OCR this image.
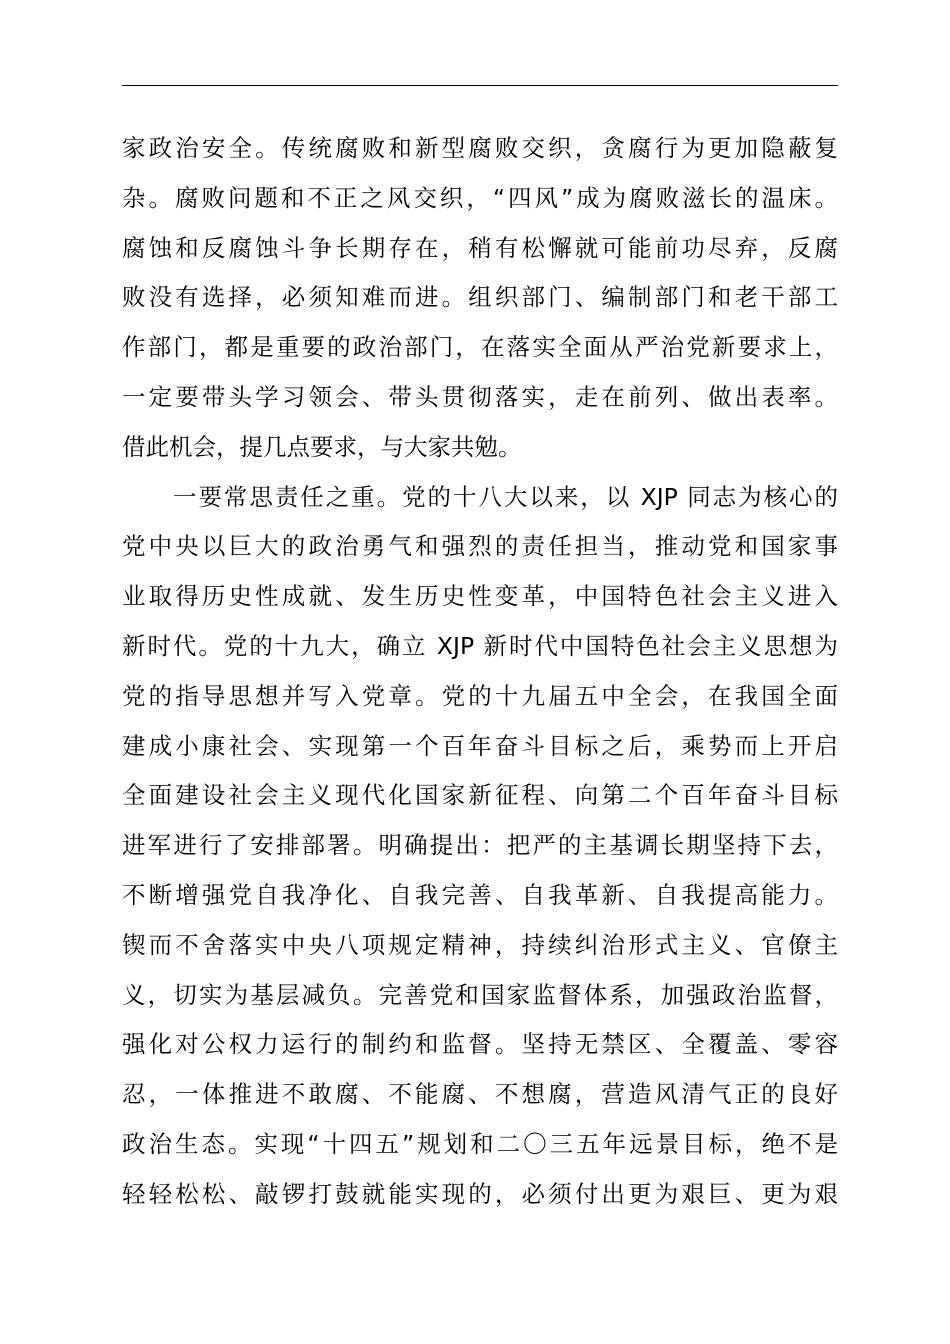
家政治安全。传统腐败和新型腐败交织，贪腐行为更加隐蔽复
杂。腐败问题和不正之风交织，“四风”成为腐败滋长的温床。
腐蚀和反腐蚀斗争长期存在，稍有松懈就可能前功尽弃，反腐
败没有选择，必须知难而进。组织部门、编制部门和老干部工
作部门，都是重要的政治部门，在落实全面从严治党新要求上，
一定要带头学习领会、带头贯彻落实，走在前列、做出表率。
借此机会，提几点要求，与大家共勉。
一要常思责任之重。党的十八大以来，以 XJP 同志为核心的
党中央以巨大的政治勇气和强烈的责任担当，推动党和国家事
业取得历史性成就、发生历史性变革，中国特色社会主义进入
新时代。党的十九大，确立 XJP 新时代中国特色社会主义思想为
党的指导思想并写入党章。党的十九届五中全会，在我国全面
建成小康社会、实现第一个百年奋斗目标之后，乘势而上开启
全面建设社会主义现代化国家新征程、向第二个百年奋斗目标
进军进行了安排部署。明确提出：把严的主基调长期坚持下去，
不断增强党自我净化、自我完善、自我革新、自我提高能力。
锲而不舍落实中央八项规定精神，持续纠治形式主义、官僚主
义，切实为基层减负。完善党和国家监督体系，加强政治监督，
强化对公权力运行的制约和监督。坚持无禁区、全覆盖、零容
忍，一体推进不敢腐、不能腐、不想腐，营造风清气正的良好
政治生态。实现“十四五”规划和二〇三五年远景目标，绝不是
轻轻松松、敲锣打鼓就能实现的，必须付出更为艰巨、更为艰
